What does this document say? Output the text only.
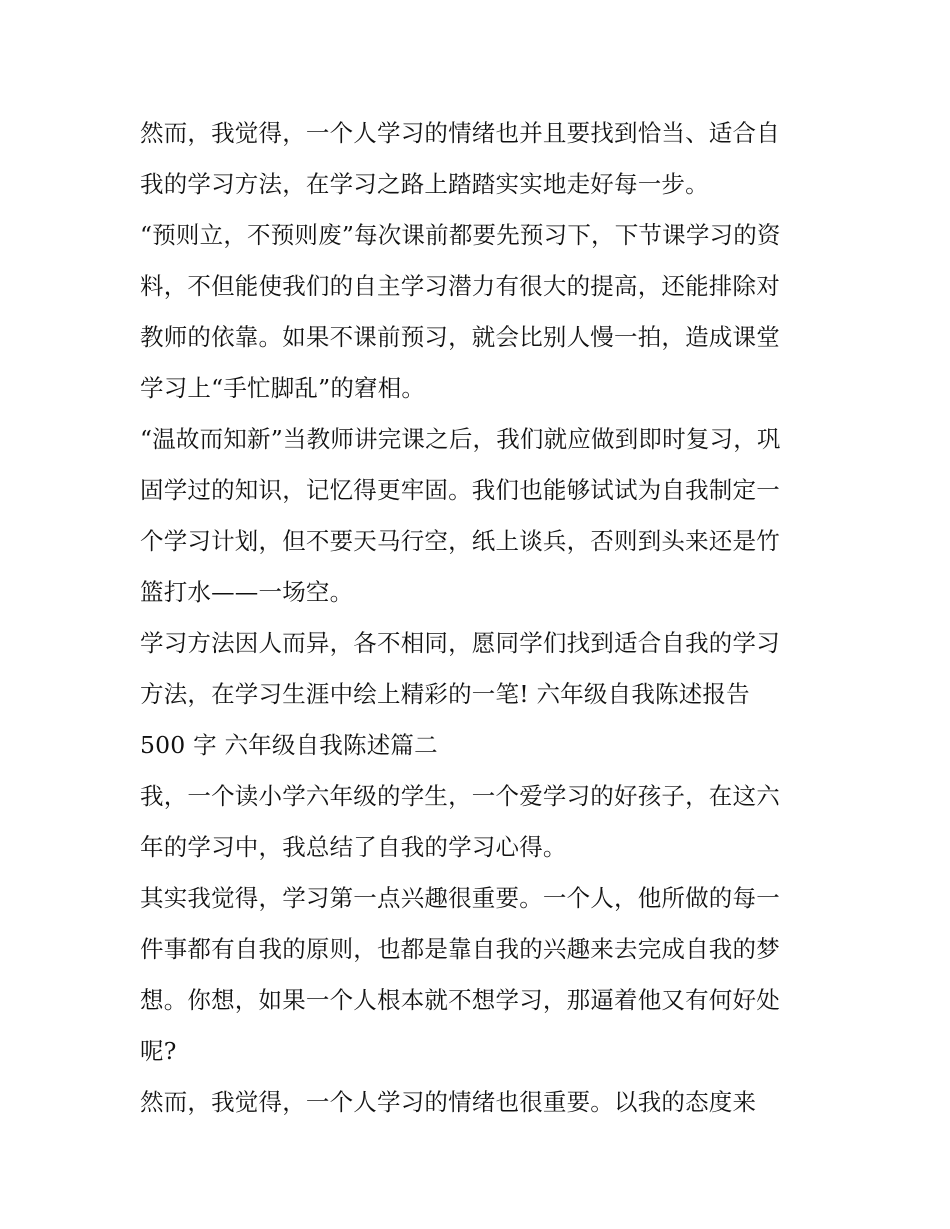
然而，我觉得，一个人学习的情绪也并且要找到恰当、适合自
我的学习方法，在学习之路上踏踏实实地走好每一步。
“预则立，不预则废”每次课前都要先预习下，下节课学习的资
料，不但能使我们的自主学习潜力有很大的提高，还能排除对
教师的依靠。如果不课前预习，就会比别人慢一拍，造成课堂
学习上“手忙脚乱”的窘相。
“温故而知新”当教师讲完课之后，我们就应做到即时复习，巩
固学过的知识，记忆得更牢固。我们也能够试试为自我制定一
个学习计划，但不要天马行空，纸上谈兵，否则到头来还是竹
篮打水——一场空。
学习方法因人而异，各不相同，愿同学们找到适合自我的学习
方法，在学习生涯中绘上精彩的一笔! 六年级自我陈述报告
500 字 六年级自我陈述篇二
我，一个读小学六年级的学生，一个爱学习的好孩子，在这六
年的学习中，我总结了自我的学习心得。
其实我觉得，学习第一点兴趣很重要。一个人，他所做的每一
件事都有自我的原则，也都是靠自我的兴趣来去完成自我的梦
想。你想，如果一个人根本就不想学习，那逼着他又有何好处
呢?
然而，我觉得，一个人学习的情绪也很重要。以我的态度来
